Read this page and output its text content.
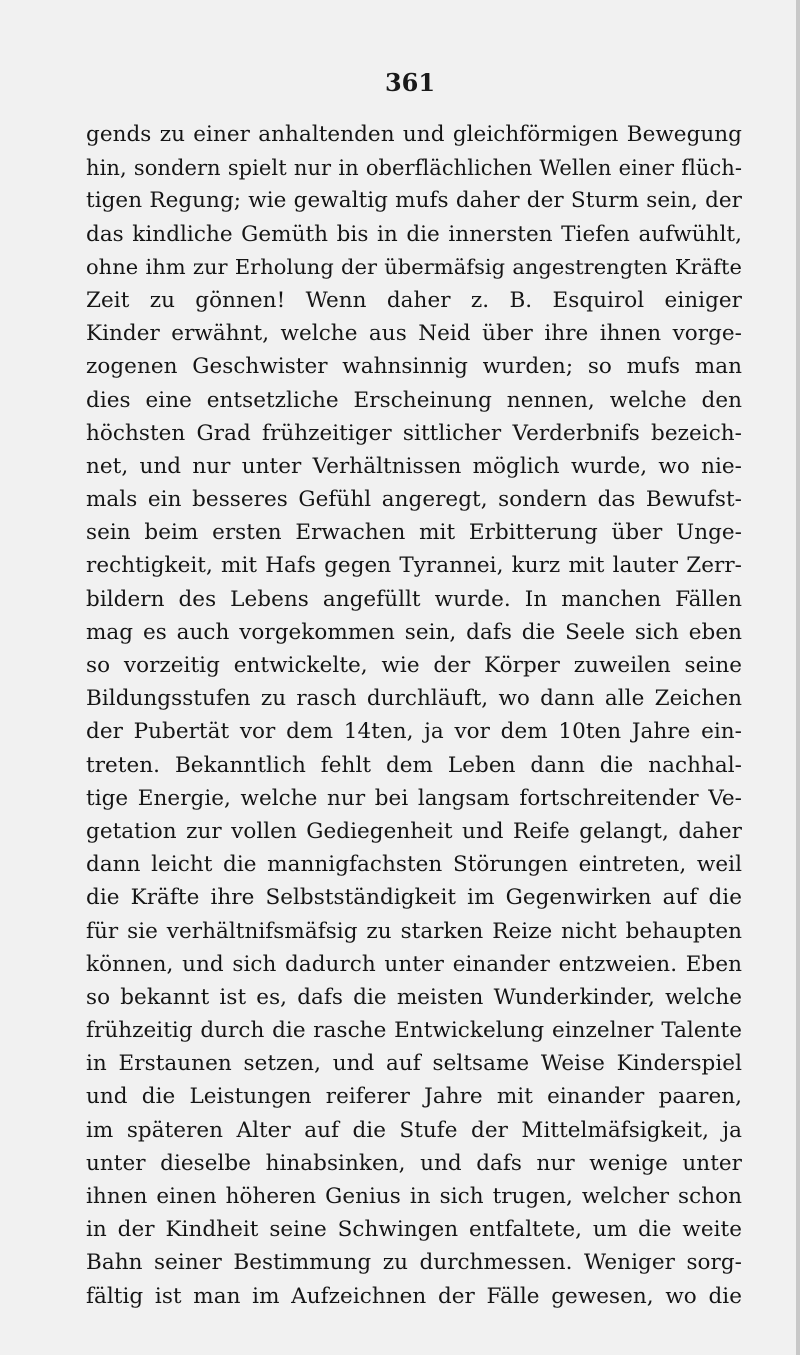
361
gends zu einer anhaltenden und gleichförmigen Bewegung
hin, sondern spielt nur in oberflächlichen Wellen einer flüch-
tigen Regung; wie gewaltig mufs daher der Sturm sein, der
das kindliche Gemüth bis in die innersten Tiefen aufwühlt,
ohne ihm zur Erholung der übermäfsig angestrengten Kräfte
Zeit zu gönnen! Wenn daher z. B. Esquirol einiger
Kinder erwähnt, welche aus Neid über ihre ihnen vorge-
zogenen Geschwister wahnsinnig wurden; so mufs man
dies eine entsetzliche Erscheinung nennen, welche den
höchsten Grad frühzeitiger sittlicher Verderbnifs bezeich-
net, und nur unter Verhältnissen möglich wurde, wo nie-
mals ein besseres Gefühl angeregt, sondern das Bewufst-
sein beim ersten Erwachen mit Erbitterung über Unge-
rechtigkeit, mit Hafs gegen Tyrannei, kurz mit lauter Zerr-
bildern des Lebens angefüllt wurde. In manchen Fällen
mag es auch vorgekommen sein, dafs die Seele sich eben
so vorzeitig entwickelte, wie der Körper zuweilen seine
Bildungsstufen zu rasch durchläuft, wo dann alle Zeichen
der Pubertät vor dem 14ten, ja vor dem 10ten Jahre ein-
treten. Bekanntlich fehlt dem Leben dann die nachhal-
tige Energie, welche nur bei langsam fortschreitender Ve-
getation zur vollen Gediegenheit und Reife gelangt, daher
dann leicht die mannigfachsten Störungen eintreten, weil
die Kräfte ihre Selbstständigkeit im Gegenwirken auf die
für sie verhältnifsmäfsig zu starken Reize nicht behaupten
können, und sich dadurch unter einander entzweien. Eben
so bekannt ist es, dafs die meisten Wunderkinder, welche
frühzeitig durch die rasche Entwickelung einzelner Talente
in Erstaunen setzen, und auf seltsame Weise Kinderspiel
und die Leistungen reiferer Jahre mit einander paaren,
im späteren Alter auf die Stufe der Mittelmäfsigkeit, ja
unter dieselbe hinabsinken, und dafs nur wenige unter
ihnen einen höheren Genius in sich trugen, welcher schon
in der Kindheit seine Schwingen entfaltete, um die weite
Bahn seiner Bestimmung zu durchmessen. Weniger sorg-
fältig ist man im Aufzeichnen der Fälle gewesen, wo die
